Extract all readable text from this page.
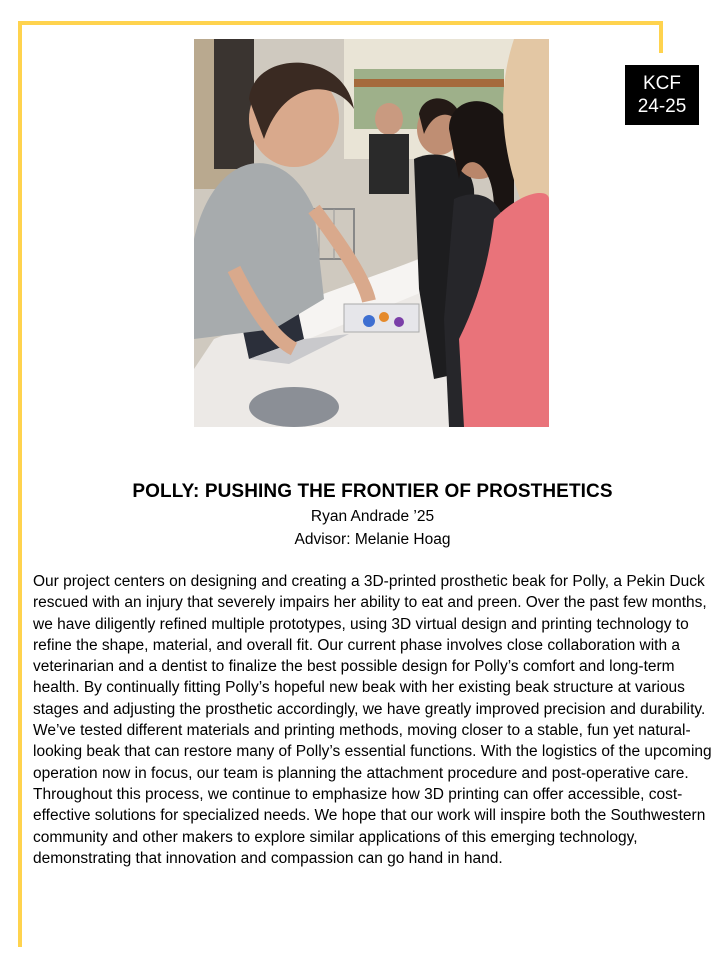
KCF
24-25
POLLY: PUSHING THE FRONTIER OF PROSTHETICS
Ryan Andrade ’25
Advisor: Melanie Hoag

Our project centers on designing and creating a 3D-printed prosthetic beak for Polly, a Pekin Duck rescued with an injury that severely impairs her ability to eat and preen. Over the past few months, we have diligently refined multiple prototypes, using 3D virtual design and printing technology to refine the shape, material, and overall fit. Our current phase involves close collaboration with a veterinarian and a dentist to finalize the best possible design for Polly’s comfort and long-term health. By continually fitting Polly’s hopeful new beak with her existing beak structure at various stages and adjusting the prosthetic accordingly, we have greatly improved precision and durability. We’ve tested different materials and printing methods, moving closer to a stable, fun yet natural-looking beak that can restore many of Polly’s essential functions. With the logistics of the upcoming operation now in focus, our team is planning the attachment procedure and post-operative care. Throughout this process, we continue to emphasize how 3D printing can offer accessible, cost-effective solutions for specialized needs. We hope that our work will inspire both the Southwestern community and other makers to explore similar applications of this emerging technology, demonstrating that innovation and compassion can go hand in hand.
